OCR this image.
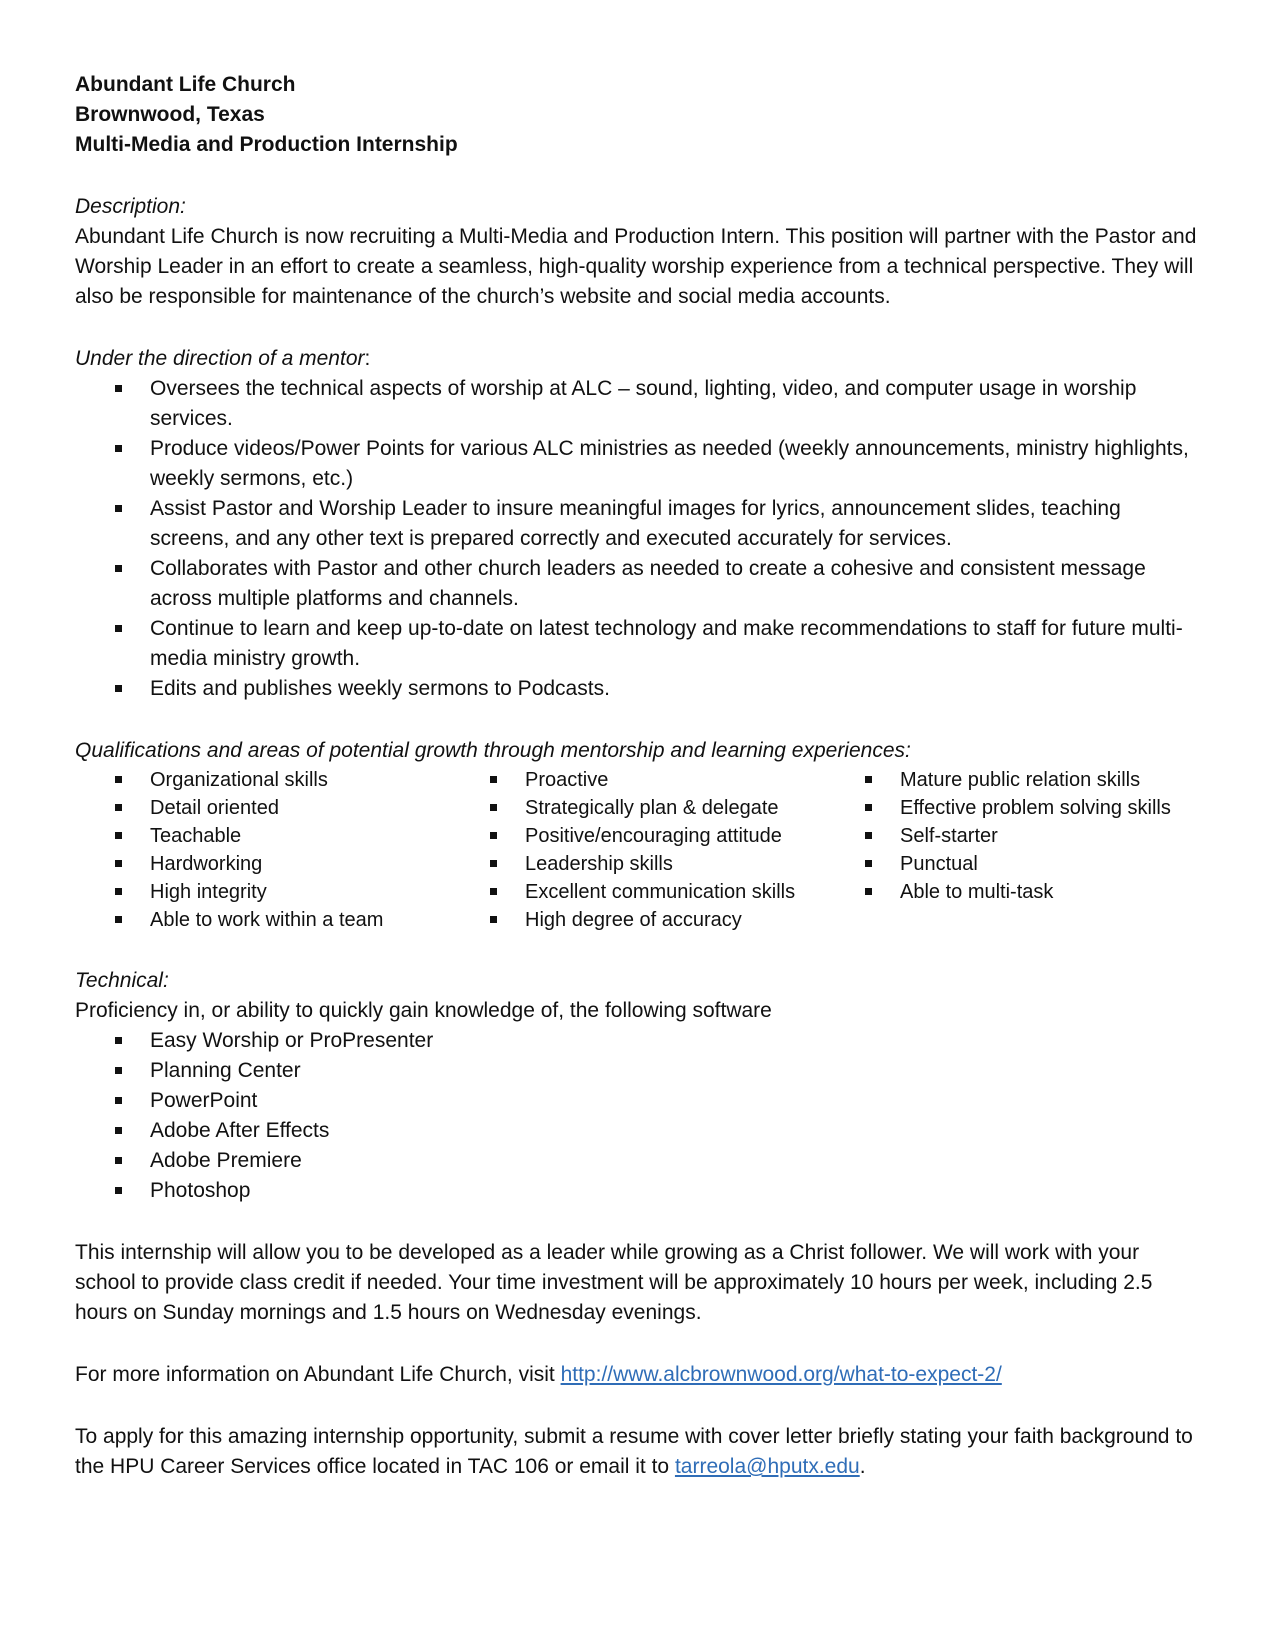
Abundant Life Church
Brownwood, Texas
Multi-Media and Production Internship
Description:
Abundant Life Church is now recruiting a Multi-Media and Production Intern. This position will partner with the Pastor and Worship Leader in an effort to create a seamless, high-quality worship experience from a technical perspective. They will also be responsible for maintenance of the church’s website and social media accounts.
Under the direction of a mentor:
Oversees the technical aspects of worship at ALC – sound, lighting, video, and computer usage in worship services.
Produce videos/Power Points for various ALC ministries as needed (weekly announcements, ministry highlights, weekly sermons, etc.)
Assist Pastor and Worship Leader to insure meaningful images for lyrics, announcement slides, teaching screens, and any other text is prepared correctly and executed accurately for services.
Collaborates with Pastor and other church leaders as needed to create a cohesive and consistent message across multiple platforms and channels.
Continue to learn and keep up-to-date on latest technology and make recommendations to staff for future multi-media ministry growth.
Edits and publishes weekly sermons to Podcasts.
Qualifications and areas of potential growth through mentorship and learning experiences:
Organizational skills
Detail oriented
Teachable
Hardworking
High integrity
Able to work within a team
Proactive
Strategically plan & delegate
Positive/encouraging attitude
Leadership skills
Excellent communication skills
High degree of accuracy
Mature public relation skills
Effective problem solving skills
Self-starter
Punctual
Able to multi-task
Technical:
Proficiency in, or ability to quickly gain knowledge of, the following software
Easy Worship or ProPresenter
Planning Center
PowerPoint
Adobe After Effects
Adobe Premiere
Photoshop
This internship will allow you to be developed as a leader while growing as a Christ follower. We will work with your school to provide class credit if needed. Your time investment will be approximately 10 hours per week, including 2.5 hours on Sunday mornings and 1.5 hours on Wednesday evenings.
For more information on Abundant Life Church, visit http://www.alcbrownwood.org/what-to-expect-2/
To apply for this amazing internship opportunity, submit a resume with cover letter briefly stating your faith background to the HPU Career Services office located in TAC 106 or email it to tarreola@hputx.edu.
